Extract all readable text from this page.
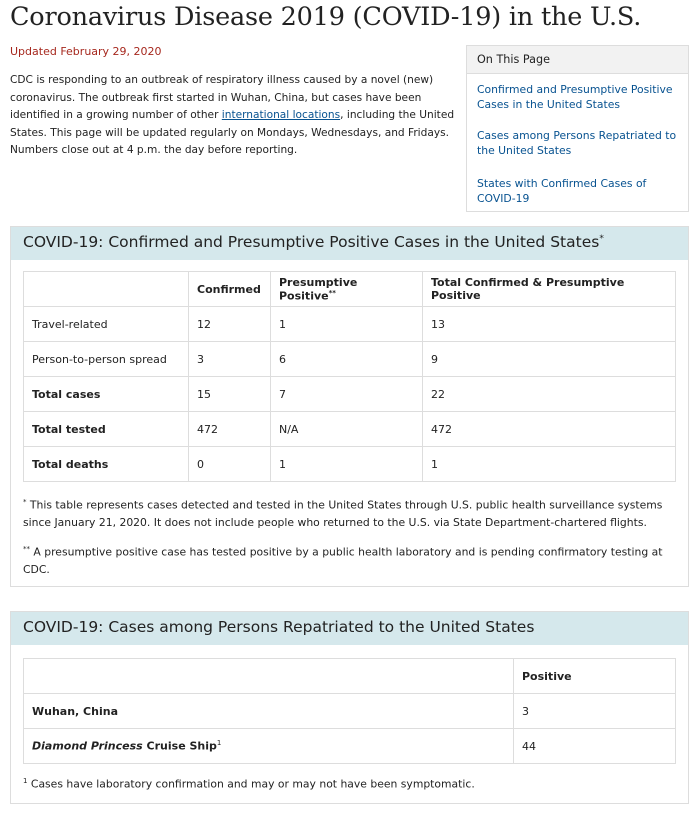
Coronavirus Disease 2019 (COVID-19) in the U.S.
Updated February 29, 2020

CDC is responding to an outbreak of respiratory illness caused by a novel (new) coronavirus. The outbreak first started in Wuhan, China, but cases have been identified in a growing number of other international locations, including the United States. This page will be updated regularly on Mondays, Wednesdays, and Fridays. Numbers close out at 4 p.m. the day before reporting.

On This Page
Confirmed and Presumptive Positive Cases in the United States
Cases among Persons Repatriated to the United States
States with Confirmed Cases of COVID-19
COVID-19: Confirmed and Presumptive Positive Cases in the United States*
	Confirmed	Presumptive Positive**	Total Confirmed & Presumptive Positive
Travel-related	12	1	13
Person-to-person spread	3	6	9
Total cases	15	7	22
Total tested	472	N/A	472
Total deaths	0	1	1

* This table represents cases detected and tested in the United States through U.S. public health surveillance systems since January 21, 2020. It does not include people who returned to the U.S. via State Department-chartered flights.

** A presumptive positive case has tested positive by a public health laboratory and is pending confirmatory testing at CDC.

COVID-19: Cases among Persons Repatriated to the United States
	Positive
Wuhan, China	3
Diamond Princess Cruise Ship$^1$	44

$^1$ Cases have laboratory confirmation and may or may not have been symptomatic.
